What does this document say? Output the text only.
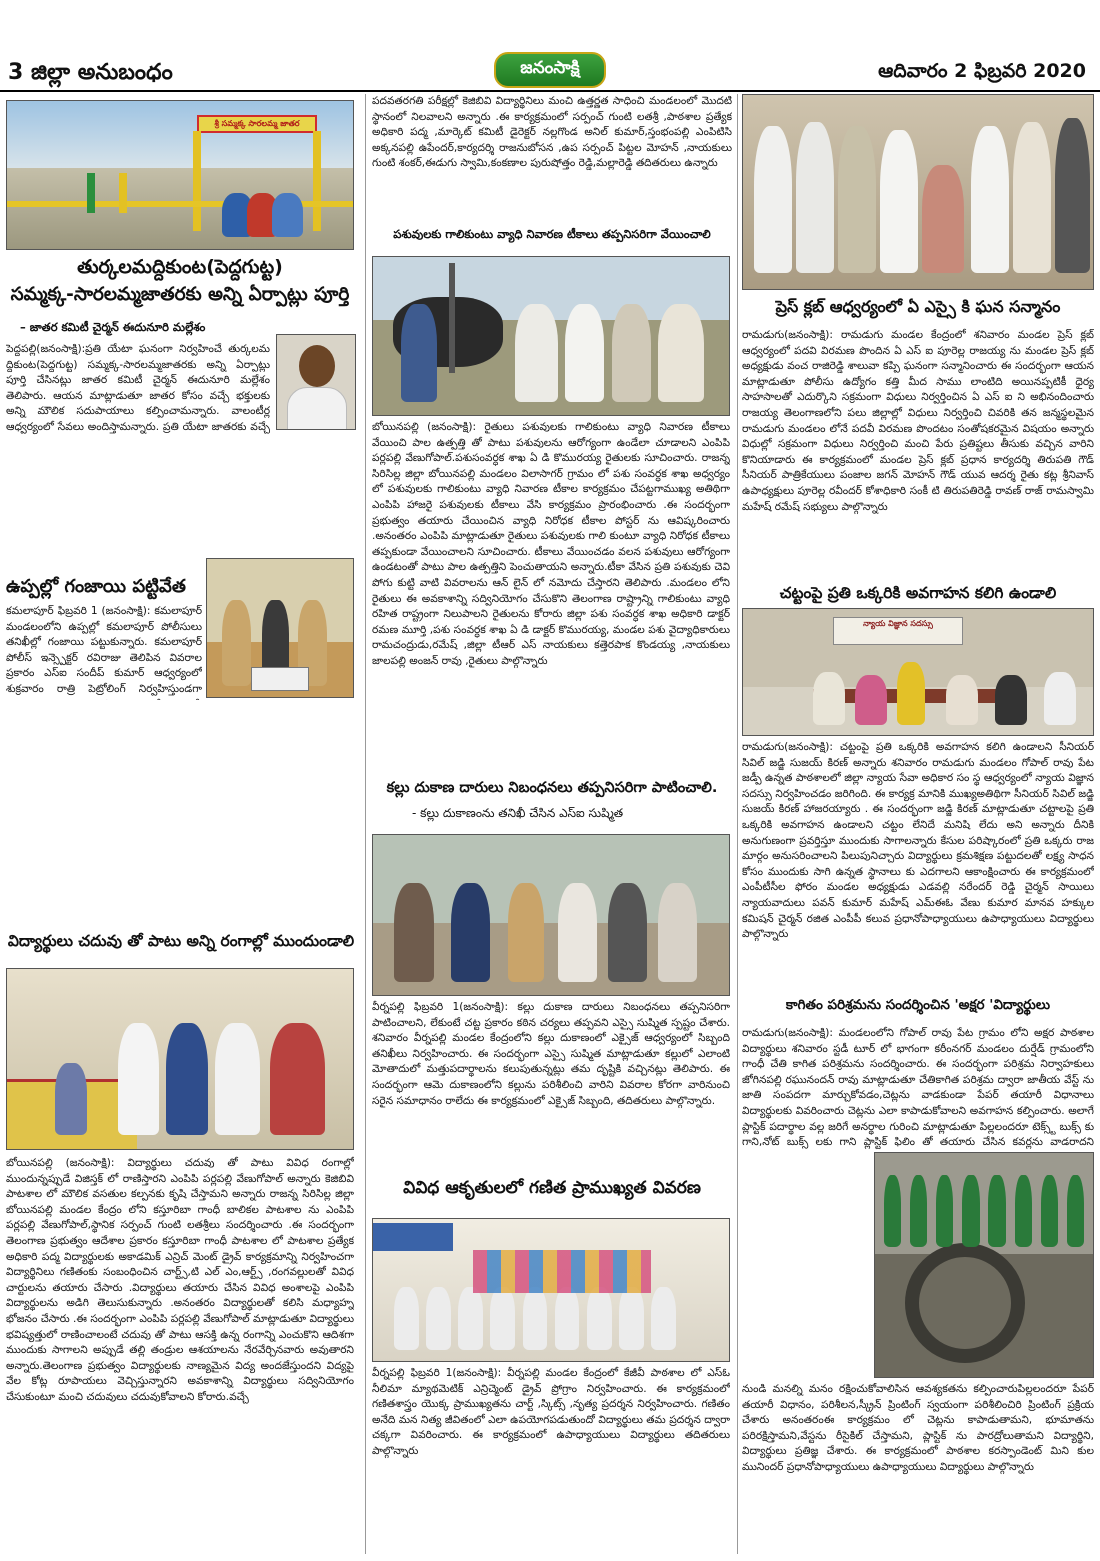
3 జిల్లా అనుబంధం	జనంసాక్షి	ఆదివారం 2 ఫిబ్రవరి 2020
శ్రీ సమ్మక్క సారలమ్మ జాతర
తుర్కలమద్దికుంట(పెద్దగుట్ట)
సమ్మక్క-సారలమ్మజాతరకు అన్ని ఏర్పాట్లు పూర్తి
– జాతర కమిటీ చైర్మన్ ఈదునూరి మల్లేశం
పెద్దపల్లి(జనంసాక్షి):ప్రతి యేటా ఘనంగా నిర్వహించే తుర్కలమ ద్దికుంట(పెద్దగుట్ట) సమ్మక్క-సారలమ్మజాతరకు అన్ని ఏర్పాట్లు పూర్తి చేసినట్లు జాతర కమిటీ చైర్మన్ ఈదునూరి మల్లేశం తెలిపారు. ఆయన మాట్లాడుతూ జాతర కోసం వచ్చే భక్తులకు అన్ని మౌలిక సదుపాయాలు కల్పించామన్నారు. వాలంటీర్ల ఆధ్వర్యంలో సేవలు అందిస్తామన్నారు. ప్రతి యేటా జాతరకు వచ్చే
ఉప్పల్లో గంజాయి పట్టివేత
కమలాపూర్ ఫిబ్రవరి 1 (జనంసాక్షి): కమలాపూర్ మండలంలోని ఉప్పల్లో కమలాపూర్ పోలీసులు తనిఖీల్లో గంజాయి పట్టుకున్నారు. కమలాపూర్ పోలీస్ ఇన్స్పెక్టర్ రవిరాజు తెలిపిన వివరాల ప్రకారం ఎస్ఐ సందీప్ కుమార్ ఆధ్వర్యంలో శుక్రవారం రాత్రి పెట్రోలింగ్ నిర్వహిస్తుండగా
విద్యార్థులు చదువు తో పాటు అన్ని రంగాల్లో ముందుండాలి
బోయినపల్లి (జనంసాక్షి): విద్యార్థులు చదువు తో పాటు వివిధ రంగాల్లో ముందున్నప్పుడే విజిస్తక్ లో రాణిస్తారని ఎంపిపి పర్లపల్లి వేణుగోపాల్ అన్నారు కెజిబివి పాటశాల లో మౌలిక వసతుల కల్పనకు కృషి చేస్తామని అన్నారు రాజన్న సిరిసిల్ల జిల్లా బోయినపల్లి మండల కేంద్రం లోని కస్తూరిబా గాంధీ బాలికల పాటశాల ను ఎంపిపి పర్లపల్లి వేణుగోపాల్,స్థానిక సర్పంచ్ గుంటి లతశ్రీలు సందర్శించారు .ఈ సందర్భంగా తెలంగాణ ప్రభుత్వం ఆదేశాల ప్రకారం కస్తూరిబా గాంధీ పాటశాల లో పాటశాల ప్రత్యేక అధికారి పద్మ విద్యార్థులకు అకాడమిక్ ఎన్రిచ్ మెంట్ డ్రైవ్ కార్యక్రమాన్ని నిర్వహించగా విద్యార్థినిలు గణితంకు సంబంధించిన చార్ట్స్,టి ఎల్ ఎం,ఆర్ట్స్ ,రంగవల్లులతో వివిధ చార్టులను తయారు చేసారు .విద్యార్థులు తయారు చేసిన వివిధ అంశాలపై ఎంపిపి విద్యార్థులను అడిగి తెలుసుకున్నారు .అనంతరం విద్యార్థులతో కలిసి మధ్యాహ్న భోజనం చేసారు .ఈ సందర్భంగా ఎంపిపి పర్లపల్లి వేణుగోపాల్ మాట్లాడుతూ విద్యార్థులు భవిష్యత్తులో రాణించాలంటే చదువు తో పాటు ఆసక్తి ఉన్న రంగాన్ని ఎంచుకొని ఆదిశగా ముందుకు సాగాలని అప్పుడే తల్లి తండ్రుల ఆశయాలను నేరవేర్చినవారు అవుతారని అన్నారు.తెలంగాణ ప్రభుత్వం విద్యార్థులకు నాణ్యమైన విద్య అందజేస్తుందని విద్యపై వేల కోట్ల రూపాయలు వెచ్చిస్తున్నారని అవకాశాన్ని విద్యార్థులు సద్వినియోగం చేసుకుంటూ మంచి చదువులు చదువుకోవాలని కోరారు.వచ్చే
పదవతరగతి పరీక్షల్లో కెజిబివి విద్యార్థినిలు మంచి ఉత్తర్ణత సాధించి మండలంలో మొదటి స్థానంలో నిలవాలని అన్నారు .ఈ కార్యక్రమంలో సర్పంచ్ గుంటి లతశ్రీ ,పాఠశాల ప్రత్యేక అధికారి పద్మ ,మార్కెట్ కమిటీ డైరెక్టర్ నల్లగొండ అనిల్ కుమార్,స్తంభంపల్లి ఎంపిటిసి అక్కనపల్లి ఉపేందర్,కార్యదర్శి రాజనుబోసన ,ఉప సర్పంచ్ పిట్టల మోహన్ ,నాయకులు గుంటి శంకర్,ఈడుగు స్వామి,కంకణాల పురుషోత్తం రెడ్డి,మల్లారెడ్డి తదితరులు ఉన్నారు
పశువులకు గాలికుంటు వ్యాధి నివారణ టీకాలు తప్పనిసరిగా వేయించాలి
బోయినపల్లి (జనంసాక్షి): రైతులు పశువులకు గాలికుంటు వ్యాధి నివారణ టీకాలు వేయించి పాల ఉత్పత్తి తో పాటు పశువులను ఆరోగ్యంగా ఉండేలా చూడాలని ఎంపిపి పర్లపల్లి వేణుగోపాల్.పశుసంవర్ధక శాఖ ఏ డి కొమురయ్య రైతులకు సూచించారు. రాజన్న సిరిసిల్ల జిల్లా బోయినపల్లి మండలం విలాసాగర్ గ్రామం లో పశు సంవర్ధక శాఖ అధ్వర్యం లో పశువులకు గాలికుంటు వ్యాధి నివారణ టీకాల కార్యక్రమం చేపట్టగాముఖ్య అతిథిగా ఎంపిపి హాజరై పశువులకు టీకాలు వేసి కార్యక్రమం ప్రారంభించారు .ఈ సందర్భంగా ప్రభుత్వం తయారు చేయించిన వ్యాధి నిరోధక టీకాల పోస్టర్ ను ఆవిష్కరించారు .అనంతరం ఎంపిపి మాట్లాడుతూ రైతులు పశువులకు గాలి కుంటూ వ్యాధి నిరోధక టీకాలు తప్పకుండా వేయించాలని సూచించారు. టీకాలు వేయించడం వలన పశువులు ఆరోగ్యంగా ఉండటంతో పాటు పాల ఉత్పత్తిని పెంచుతాయని అన్నారు.టీకా వేసిన ప్రతి పశువుకు చెవి పోగు కుట్టి వాటి వివరాలను ఆన్ లైన్ లో నమోదు చేస్తారని తెలిపారు .మండలం లోని రైతులు ఈ అవకాశాన్ని సద్వినియోగం చేసుకొని తెలంగాణ రాష్ట్రాన్ని గాలికుంటు వ్యాధి రహిత రాష్ట్రంగా నిలుపాలని రైతులను కోరారు జిల్లా పశు సంవర్ధక శాఖ అధికారి డాక్టర్ రమణ మూర్తి ,పశు సంవర్ధక శాఖ ఏ డి డాక్టర్ కొమురయ్య, మండల పశు వైద్యాధికారులు రామచంద్రుడు,రమేష్ ,జిల్లా టీఆర్ ఎస్ నాయకులు కత్తెరపాక కొండయ్య ,నాయకులు జాలపల్లి అంజన్ రావు ,రైతులు పాల్గొన్నారు
కల్లు దుకాణ దారులు నిబంధనలు తప్పనిసరిగా పాటించాలి.
- కల్లు దుకాణంను తనిఖీ చేసిన ఎస్ఐ సుష్మిత
వీర్నపల్లి ఫిబ్రవరి 1(జనంసాక్షి): కల్లు దుకాణ దారులు నిబంధనలు తప్పనిసరిగా పాటించాలని, లేకుంటే చట్ట ప్రకారం కఠిన చర్యలు తప్పవని ఎస్సై సుష్మిత స్పష్టం చేశారు. శనివారం వీర్నపల్లి మండల కేంద్రంలోని కల్లు దుకాణంలో ఎక్సైజ్ ఆధ్వర్యంలో సిబ్బంది తనిఖీలు నిర్వహించారు. ఈ సందర్భంగా ఎస్సై సుష్మిత మాట్లాడుతూ కల్లులో ఎలాంటి మోతాదులో మత్తుపదార్థాలను కలుపుతున్నట్లు తమ దృష్టికి వచ్చినట్లు తెలిపారు. ఈ సందర్భంగా ఆమె దుకాణంలోని కల్లును పరిశీలించి వారిని వివరాల కోరగా వారినుంచి సరైన సమాధానం రాలేదు ఈ కార్యక్రమంలో ఎక్సైజ్ సిబ్బంది, తదితరులు పాల్గొన్నారు.
వివిధ ఆకృతులలో గణిత ప్రాముఖ్యత వివరణ
వీర్నపల్లి ఫిబ్రవరి 1(జనంసాక్షి): వీర్నపల్లి మండల కేంద్రంలో కేజీవీ పాఠశాల లో ఎస్ఓ నీలిమా మ్యాథమెటిక్ ఎన్రిచ్మెంట్ డ్రైవ్ ప్రోగ్రాం నిర్వహించారు. ఈ కార్యక్రమంలో గణితశాస్త్రం యొక్క ప్రాముఖ్యతను చార్ట్ ,స్కిట్స్ ,నృత్య ప్రదర్శన నిర్వహించారు. గణితం అనేది మన నిత్య జీవితంలో ఎలా ఉపయోగపడుతుందో విద్యార్థులు తమ ప్రదర్శన ద్వారా చక్కగా వివరించారు. ఈ కార్యక్రమంలో ఉపాధ్యాయులు విద్యార్థులు తదితరులు పాల్గొన్నారు
ప్రెస్ క్లబ్ ఆధ్వర్యంలో ఏ ఎస్సై కి ఘన సన్మానం
రామడుగు(జనంసాక్షి): రామడుగు మండల కేంద్రంలో శనివారం మండల ప్రెస్ క్లబ్ ఆధ్వర్యంలో పదవి విరమణ పొందిన ఏ ఎస్ ఐ పూరెల్ల రాజయ్య ను మండల ప్రెస్ క్లబ్ అధ్యక్షుడు వంచ రాజిరెడ్డి శాలువా కప్పి ఘనంగా సన్మానించారు ఈ సందర్భంగా ఆయన మాట్లాడుతూ పోలీసు ఉద్యోగం కత్తి మీద సాము లాంటిది అయినప్పటికీ ధైర్య సాహసాలతో ఎదుర్కొని సక్రమంగా విధులు నిర్వర్తించిన ఏ ఎస్ ఐ ని అభినందించారు రాజయ్య తెలంగాణలోని పలు జిల్లాల్లో విధులు నిర్వర్తించి చివరికి తన జన్మస్థలమైన రామడుగు మండలం లోనే పదవీ విరమణ పొందటం సంతోషకరమైన విషయం అన్నారు విధుల్లో సక్రమంగా విధులు నిర్వర్తించి మంచి పేరు ప్రతిష్టలు తీసుకు వచ్చిన వారిని కొనియాడారు ఈ కార్యక్రమంలో మండల ప్రెస్ క్లబ్ ప్రధాన కార్యదర్శి తిరుపతి గౌడ్ సీనియర్ పాత్రికేయులు పంజాల జగన్ మోహన్ గౌడ్ యువ ఆదర్శ రైతు కట్ల శ్రీనివాస్ ఉపాధ్యక్షులు పూరెల్ల రవీందర్ కోశాధికారి సంకీ టి తిరుపతిరెడ్డి రావణ్ రాజ్ రామస్వామి మహేష్ రమేష్ సభ్యులు పాల్గొన్నారు
చట్టంపై ప్రతి ఒక్కరికి అవగాహన కలిగి ఉండాలి
న్యాయ విజ్ఞాన సదస్సు
రామడుగు(జనంసాక్షి): చట్టంపై ప్రతి ఒక్కరికి అవగాహన కలిగి ఉండాలని సీనియర్ సివిల్ జడ్జి సుజయ్ కిరణ్ అన్నారు శనివారం రామడుగు మండలం గోపాల్ రావు పేట జడ్పీ ఉన్నత పాఠశాలలో జిల్లా న్యాయ సేవా అధికార సం స్థ ఆధ్వర్యంలో న్యాయ విజ్ఞాన సదస్సు నిర్వహించడం జరిగింది. ఈ కార్యక్ర మానికి ముఖ్యఅతిథిగా సీనియర్ సివిల్ జడ్జి సుజయ్ కిరణ్ హాజరయ్యారు . ఈ సందర్భంగా జడ్జి కిరణ్ మాట్లాడుతూ చట్టాలపై ప్రతి ఒక్కరికి అవగాహన ఉండాలని చట్టం లేనిదే మనిషి లేదు అని అన్నారు దీనికి అనుగుణంగా ప్రవర్తిస్తూ ముందుకు సాగాలన్నారు కేసుల పరిష్కారంలో ప్రతి ఒక్కరు రాజ మార్గం అనుసరించాలని పిలుపునిచ్చారు విద్యార్థులు క్రమశిక్షణ పట్టుదలతో లక్ష్య సాధన కోసం ముందుకు సాగి ఉన్నత స్థానాలు కు ఎదగాలని ఆకాంక్షించారు ఈ కార్యక్రమంలో ఎంపీటీసీల ఫోరం మండల అధ్యక్షుడు ఎడవల్లి నరేందర్ రెడ్డి చైర్మన్ సాయిలు న్యాయవాదులు పవన్ కుమార్ మహేష్ ఎమ్ఈఓ వేణు కుమార మానవ హక్కుల కమిషన్ చైర్మన్ రజిత ఎంపీపీ కలువ ప్రధానోపాధ్యాయులు ఉపాధ్యాయులు విద్యార్థులు పాల్గొన్నారు
కాగితం పరిశ్రమను సందర్శించిన 'అక్షర 'విద్యార్థులు
రామడుగు(జనంసాక్షి): మండలంలోని గోపాల్ రావు పేట గ్రామం లోని అక్షర పాఠశాల విద్యార్థులు శనివారం స్టడీ టూర్ లో భాగంగా కరీంనగర్ మండలం దుర్షేడ్ గ్రామంలోని గాంధీ చేతి కాగిత పరిశ్రమను సందర్శించారు. ఈ సందర్భంగా పరిశ్రమ నిర్వాహకులు జోగినపల్లి రఘునందన్ రావు మాట్లాడుతూ చేతికాగిత పరిశ్రమ ద్వారా జాతీయ వేస్ట్ ను జాతి సంపదగా మార్చుకోవడం,చెట్లను వాడకుండా పేపర్ తయారీ విధానాలు విద్యార్థులకు వివరించారు చెట్లను ఎలా కాపాడుకోవాలని అవగాహన కల్పించారు. అలాగే ప్లాస్టిక్ పదార్థాల వల్ల జరిగే అనర్థాల గురించి మాట్లాడుతూ పిల్లలందరూ టెక్స్ట్ బుక్స్ కు గాని,నోట్ బుక్స్ లకు గాని ప్లాస్టిక్ ఫిలిం తో తయారు చేసిన కవర్లను వాడరాదని
నుండి మనల్ని మనం రక్షించుకోవాలిసిన ఆవశ్యకతను కల్పించారుపిల్లలందరూ పేపర్ తయారీ విధానం, పరిశీలన,స్క్రీన్ ప్రింటింగ్ స్వయంగా పరిశీలించిరి ప్రింటింగ్ ప్రక్రియ చేశారు అనంతరంఈ కార్యక్రమం లో చెట్లను కాపాడుతామని, భూమాతను పరిరక్షిస్తామని,వేస్టను రీసైకిల్ చేస్తామని, ప్లాస్టిక్ ను పారద్రోలుతామని విద్యార్థిని, విద్యార్థులు ప్రతిజ్ఞ చేశారు. ఈ కార్యక్రమంలో పాఠశాల కరస్పాండెంట్ మిని కుల మునిందర్ ప్రధానోపాధ్యాయులు ఉపాధ్యాయులు విద్యార్థులు పాల్గొన్నారు
